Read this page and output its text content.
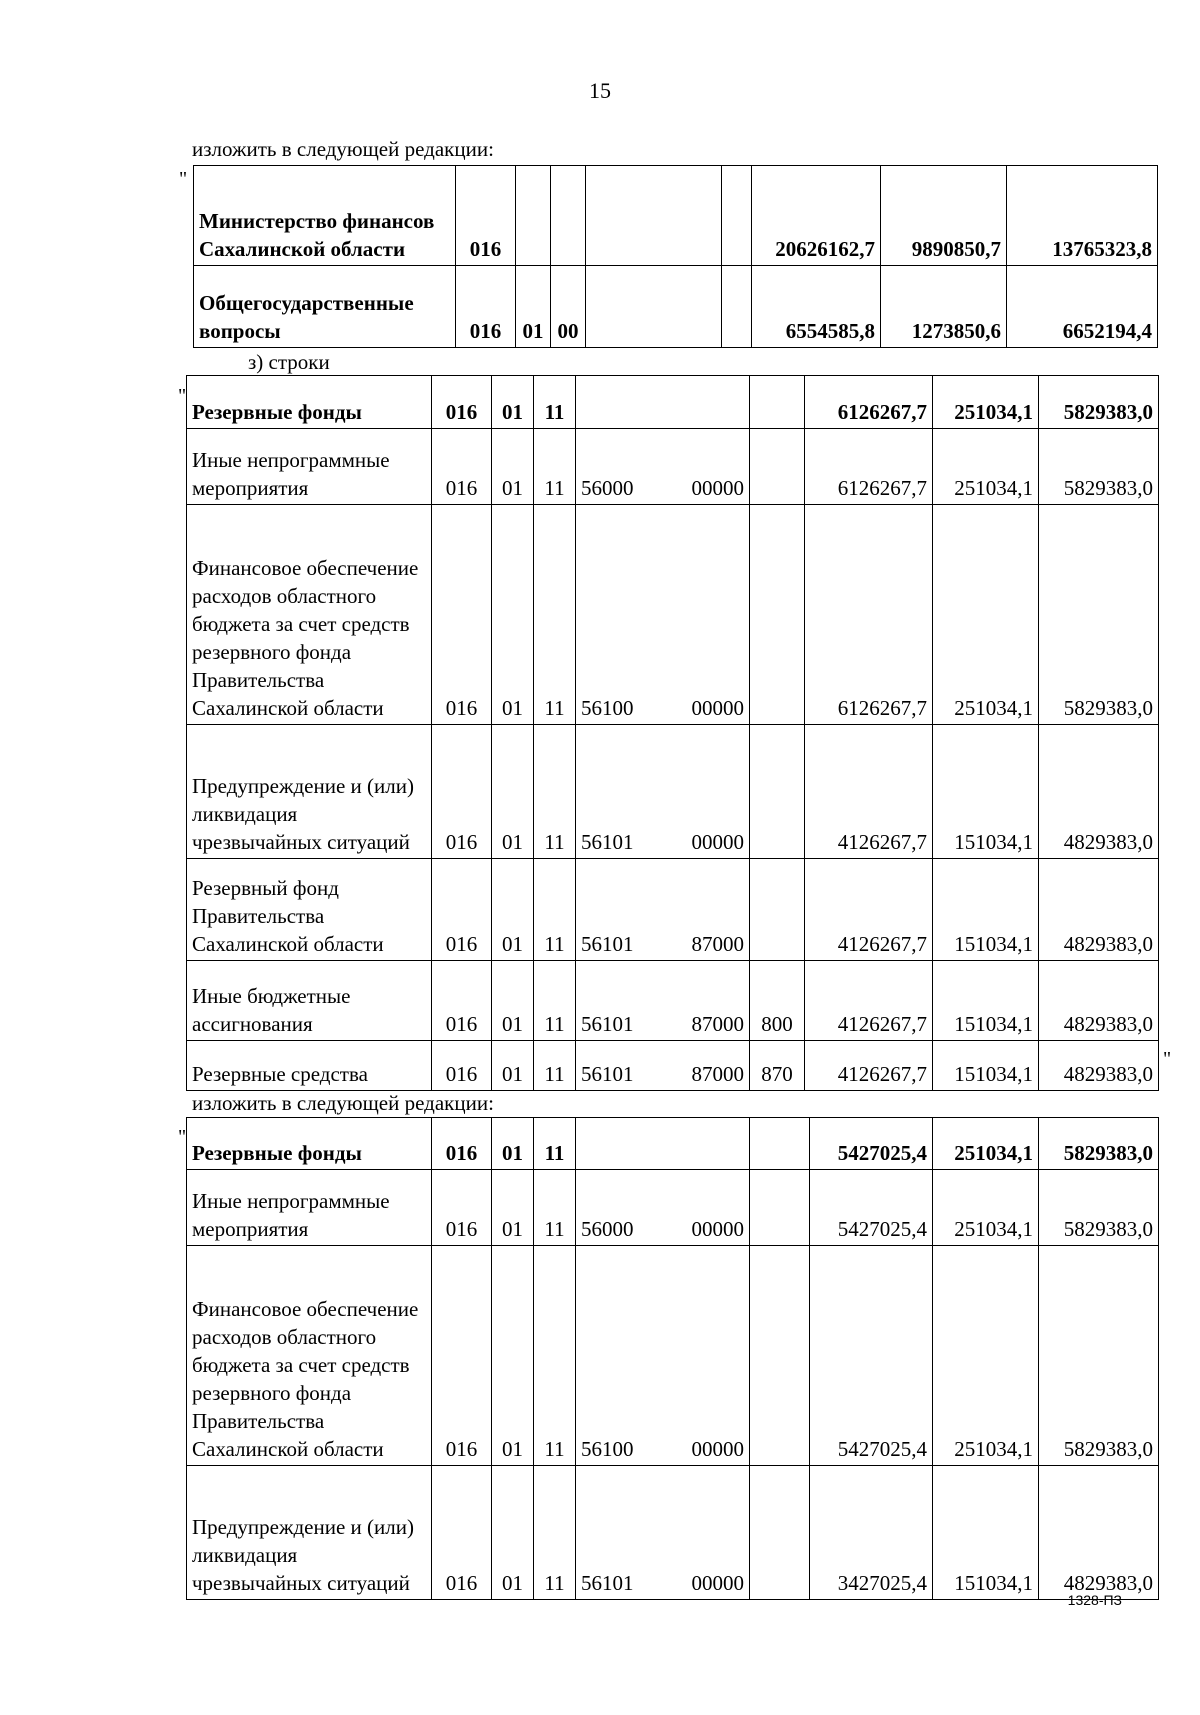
15
изложить в следующей редакции:
"
Министерство финансов Сахалинской области	016					20626162,7	9890850,7	13765323,8
Общегосударственные вопросы	016	01	00			6554585,8	1273850,6	6652194,4
з) строки
"
Резервные фонды	016	01	11			6126267,7	251034,1	5829383,0
Иные непрограммные мероприятия	016	01	11	56000 00000		6126267,7	251034,1	5829383,0
Финансовое обеспечение расходов областного бюджета за счет средств резервного фонда Правительства Сахалинской области	016	01	11	56100 00000		6126267,7	251034,1	5829383,0
Предупреждение и (или) ликвидация чрезвычайных ситуаций	016	01	11	56101 00000		4126267,7	151034,1	4829383,0
Резервный фонд Правительства Сахалинской области	016	01	11	56101 87000		4126267,7	151034,1	4829383,0
Иные бюджетные ассигнования	016	01	11	56101 87000	800	4126267,7	151034,1	4829383,0
Резервные средства	016	01	11	56101 87000	870	4126267,7	151034,1	4829383,0
"
изложить в следующей редакции:
"
Резервные фонды	016	01	11			5427025,4	251034,1	5829383,0
Иные непрограммные мероприятия	016	01	11	56000 00000		5427025,4	251034,1	5829383,0
Финансовое обеспечение расходов областного бюджета за счет средств резервного фонда Правительства Сахалинской области	016	01	11	56100 00000		5427025,4	251034,1	5829383,0
Предупреждение и (или) ликвидация чрезвычайных ситуаций	016	01	11	56101 00000		3427025,4	151034,1	4829383,0
1328-ПЗ
